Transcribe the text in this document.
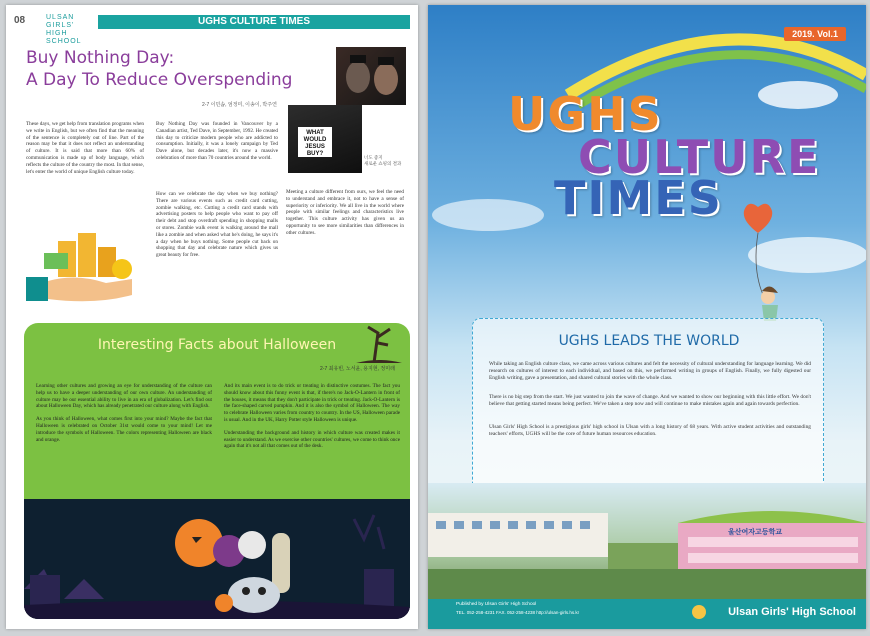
08	ULSAN GIRLS' HIGH SCHOOL
UGHS CULTURE TIMES
Buy Nothing Day:
A Day To Reduce Overspending
2-7 이민솜, 엄정미, 이송이, 박주연
WHAT WOULD JESUS BUY?
너도 좋지
새로운 쇼핑의 결과

These days, we get help from translation programs when we write in English, but we often find that the meaning of the sentence is completely out of line. Part of the reason may be that it does not reflect an understanding of culture. It is said that more than 60% of communication is made up of body language, which reflects the culture of the country the most. In that sense, let's enter the world of unique English culture today.

Buy Nothing Day was founded in Vancouver by a Canadian artist, Ted Dave, in September, 1992. He created this day to criticize modern people who are addicted to consumption. Initially, it was a lonely campaign by Ted Dave alone, but decades later, it's now a massive celebration of more than 70 countries around the world.

How can we celebrate the day when we buy nothing? There are various events such as credit card cutting, zombie walking, etc. Cutting a credit card stands with advertising posters to help people who want to pay off their debt and stop overdraft spending in shopping malls or stores. Zombie walk event is walking around the mall like a zombie and when asked what he's doing, he says it's a day when he buys nothing. Some people cut back on shopping that day and celebrate nature which gives us great beauty for free.

Meeting a culture different from ours, we feel the need to understand and embrace it, not to have a sense of superiority or inferiority. We all live in the world where people with similar feelings and characteristics live together. This culture activity has given us an opportunity to see more similarities than differences in other cultures.

Interesting Facts about Halloween
2-7 최유빈, 노서윤, 용지현, 정미래

Learning other cultures and growing an eye for understanding of the culture can help us to have a deeper understanding of our own culture. An understanding of culture may be our essential ability to live in an era of globalization. Let's find out about Halloween Day, which has already penetrated our culture along with English.

As you think of Halloween, what comes first into your mind? Maybe the fact that Halloween is celebrated on October 31st would come to your mind! Let me introduce the symbols of Halloween. The colors representing Halloween are black and orange.

And its main event is to do trick or treating in distinctive costumes. The fact you should know about this funny event is that, if there's no Jack-O-Lantern in front of the houses, it means that they don't participate in trick or treating. Jack-O-Lantern is the face-shaped carved pumpkin. And it is also the symbol of Halloween. The way to celebrate Halloween varies from country to country. In the US, Halloween parade is usual. And in the UK, Harry Potter style Halloween is unique.

Understanding the background and history in which culture was created makes it easier to understand. As we exercise other countries' cultures, we come to think once again that it's not all that comes out of the desk.

2019. Vol.1
UGHS
CULTURE
TIMES
UGHS LEADS THE WORLD

While taking an English culture class, we came across various cultures and felt the necessity of cultural understanding for language learning. We did research on cultures of interest to each individual, and based on this, we performed writing in groups of English. Finally, we fully digested our English writing, gave a presentation, and shared cultural stories with the whole class.

There is no big step from the start. We just wanted to join the wave of change. And we wanted to show our beginning with this little effort. We don't believe that getting started means being perfect. We've taken a step now and will continue to make mistakes again and again towards perfection.

Ulsan Girls' High School is a prestigious girls' high school in Ulsan with a long history of 68 years. With active student activities and outstanding teachers' efforts, UGHS will be the core of future human resources education.

울산여자고등학교
Published by Ulsan Girls' High School
TEL. 052-258-4231 FAX. 052-258-4238 http://ulsan-girls.hs.kr	Ulsan Girls' High School
